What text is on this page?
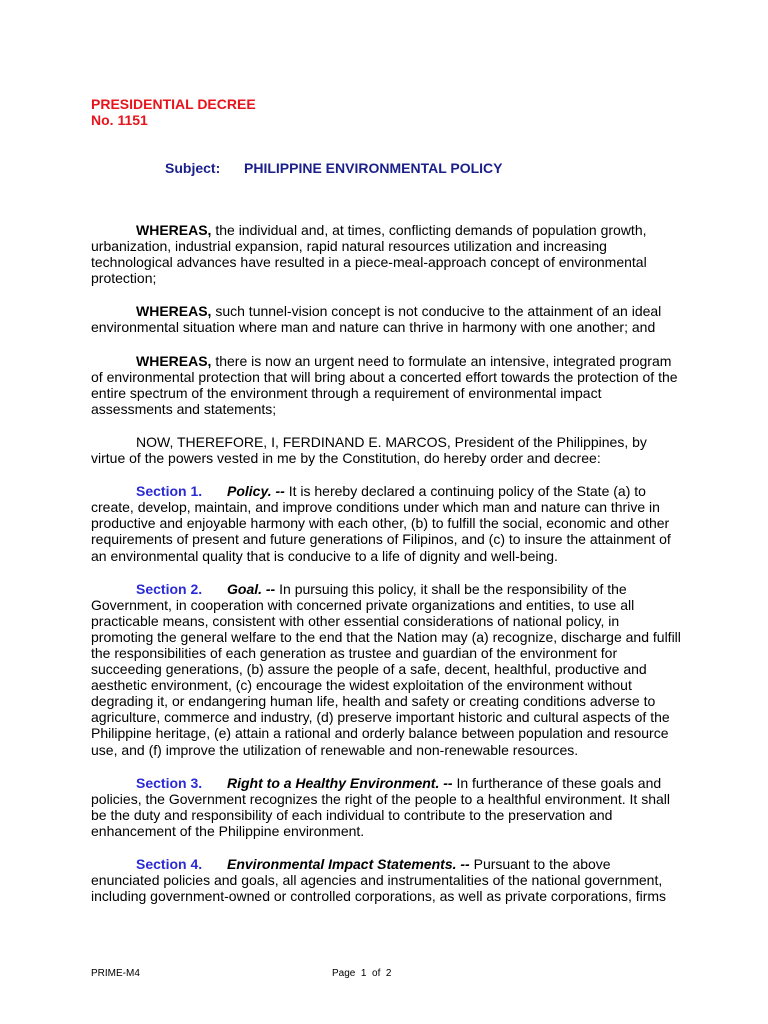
PRESIDENTIAL DECREE
No. 1151
Subject: PHILIPPINE ENVIRONMENTAL POLICY

WHEREAS, the individual and, at times, conflicting demands of population growth, urbanization, industrial expansion, rapid natural resources utilization and increasing technological advances have resulted in a piece-meal-approach concept of environmental protection;

WHEREAS, such tunnel-vision concept is not conducive to the attainment of an ideal environmental situation where man and nature can thrive in harmony with one another; and

WHEREAS, there is now an urgent need to formulate an intensive, integrated program of environmental protection that will bring about a concerted effort towards the protection of the entire spectrum of the environment through a requirement of environmental impact assessments and statements;

NOW, THEREFORE, I, FERDINAND E. MARCOS, President of the Philippines, by virtue of the powers vested in me by the Constitution, do hereby order and decree:

Section 1. Policy. -- It is hereby declared a continuing policy of the State (a) to create, develop, maintain, and improve conditions under which man and nature can thrive in productive and enjoyable harmony with each other, (b) to fulfill the social, economic and other requirements of present and future generations of Filipinos, and (c) to insure the attainment of an environmental quality that is conducive to a life of dignity and well-being.

Section 2. Goal. -- In pursuing this policy, it shall be the responsibility of the Government, in cooperation with concerned private organizations and entities, to use all practicable means, consistent with other essential considerations of national policy, in promoting the general welfare to the end that the Nation may (a) recognize, discharge and fulfill the responsibilities of each generation as trustee and guardian of the environment for succeeding generations, (b) assure the people of a safe, decent, healthful, productive and aesthetic environment, (c) encourage the widest exploitation of the environment without degrading it, or endangering human life, health and safety or creating conditions adverse to agriculture, commerce and industry, (d) preserve important historic and cultural aspects of the Philippine heritage, (e) attain a rational and orderly balance between population and resource use, and (f) improve the utilization of renewable and non-renewable resources.

Section 3. Right to a Healthy Environment. -- In furtherance of these goals and policies, the Government recognizes the right of the people to a healthful environment. It shall be the duty and responsibility of each individual to contribute to the preservation and enhancement of the Philippine environment.

Section 4. Environmental Impact Statements. -- Pursuant to the above enunciated policies and goals, all agencies and instrumentalities of the national government, including government-owned or controlled corporations, as well as private corporations, firms

PRIME-M4	Page  1  of  2
